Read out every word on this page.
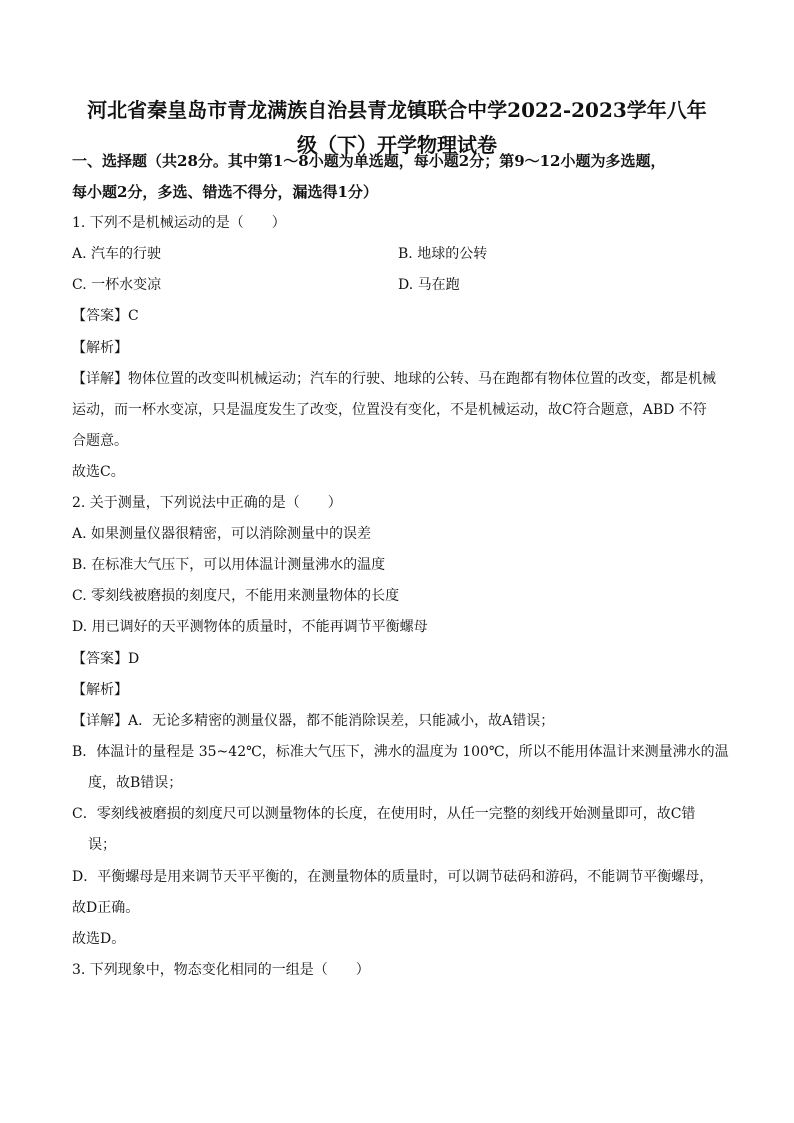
河北省秦皇岛市青龙满族自治县青龙镇联合中学2022-2023学年八年
级（下）开学物理试卷

一、选择题（共28分。其中第1～8小题为单选题，每小题2分；第9～12小题为多选题，

每小题2分，多选、错选不得分，漏选得1分）

1. 下列不是机械运动的是（　　）

A. 汽车的行驶	B. 地球的公转

C. 一杯水变凉	D. 马在跑

【答案】C

【解析】

【详解】物体位置的改变叫机械运动；汽车的行驶、地球的公转、马在跑都有物体位置的改变，都是机械

运动，而一杯水变凉，只是温度发生了改变，位置没有变化，不是机械运动，故C符合题意，ABD 不符

合题意。

故选C。

2. 关于测量，下列说法中正确的是（　　）

A. 如果测量仪器很精密，可以消除测量中的误差

B. 在标准大气压下，可以用体温计测量沸水的温度

C. 零刻线被磨损的刻度尺，不能用来测量物体的长度

D. 用已调好的天平测物体的质量时，不能再调节平衡螺母

【答案】D

【解析】

【详解】A．无论多精密的测量仪器，都不能消除误差，只能减小，故A错误；

B．体温计的量程是 35~42℃，标准大气压下，沸水的温度为 100℃，所以不能用体温计来测量沸水的温

度，故B错误；

C．零刻线被磨损的刻度尺可以测量物体的长度，在使用时，从任一完整的刻线开始测量即可，故C错

误；

D．平衡螺母是用来调节天平平衡的，在测量物体的质量时，可以调节砝码和游码，不能调节平衡螺母，

故D正确。

故选D。

3. 下列现象中，物态变化相同的一组是（　　）
